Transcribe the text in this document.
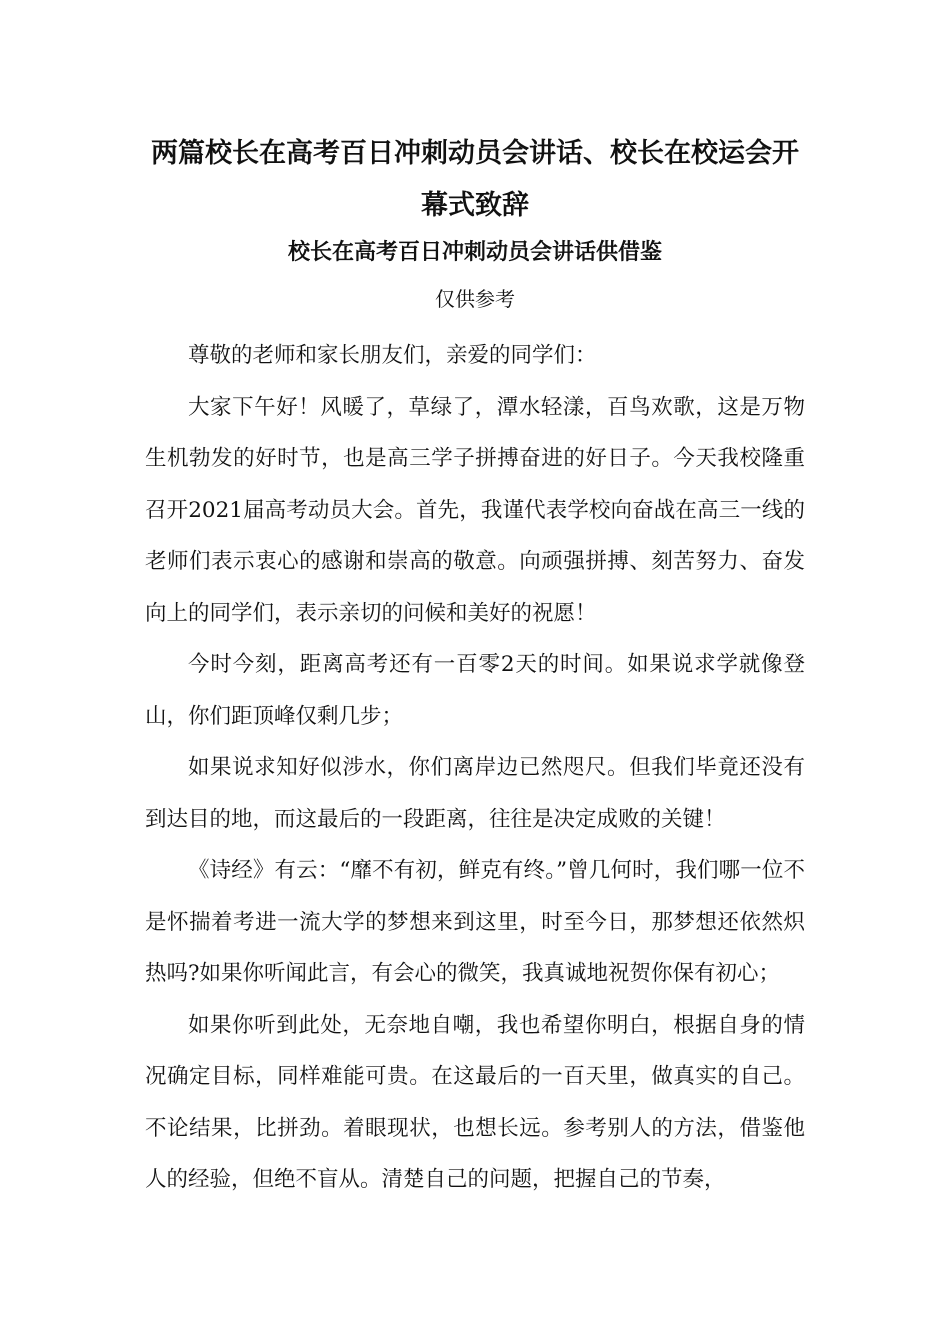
两篇校长在高考百日冲刺动员会讲话、校长在校运会开幕式致辞
校长在高考百日冲刺动员会讲话供借鉴
仅供参考

尊敬的老师和家长朋友们，亲爱的同学们：

大家下午好！风暖了，草绿了，潭水轻漾，百鸟欢歌，这是万物生机勃发的好时节，也是高三学子拼搏奋进的好日子。今天我校隆重召开2021届高考动员大会。首先，我谨代表学校向奋战在高三一线的老师们表示衷心的感谢和崇高的敬意。向顽强拼搏、刻苦努力、奋发向上的同学们，表示亲切的问候和美好的祝愿！

今时今刻，距离高考还有一百零2天的时间。如果说求学就像登山，你们距顶峰仅剩几步；

如果说求知好似涉水，你们离岸边已然咫尺。但我们毕竟还没有到达目的地，而这最后的一段距离，往往是决定成败的关键！

《诗经》有云：“靡不有初，鲜克有终。”曾几何时，我们哪一位不是怀揣着考进一流大学的梦想来到这里，时至今日，那梦想还依然炽热吗?如果你听闻此言，有会心的微笑，我真诚地祝贺你保有初心；

如果你听到此处，无奈地自嘲，我也希望你明白，根据自身的情况确定目标，同样难能可贵。在这最后的一百天里，做真实的自己。不论结果，比拼劲。着眼现状，也想长远。参考别人的方法，借鉴他人的经验，但绝不盲从。清楚自己的问题，把握自己的节奏，
